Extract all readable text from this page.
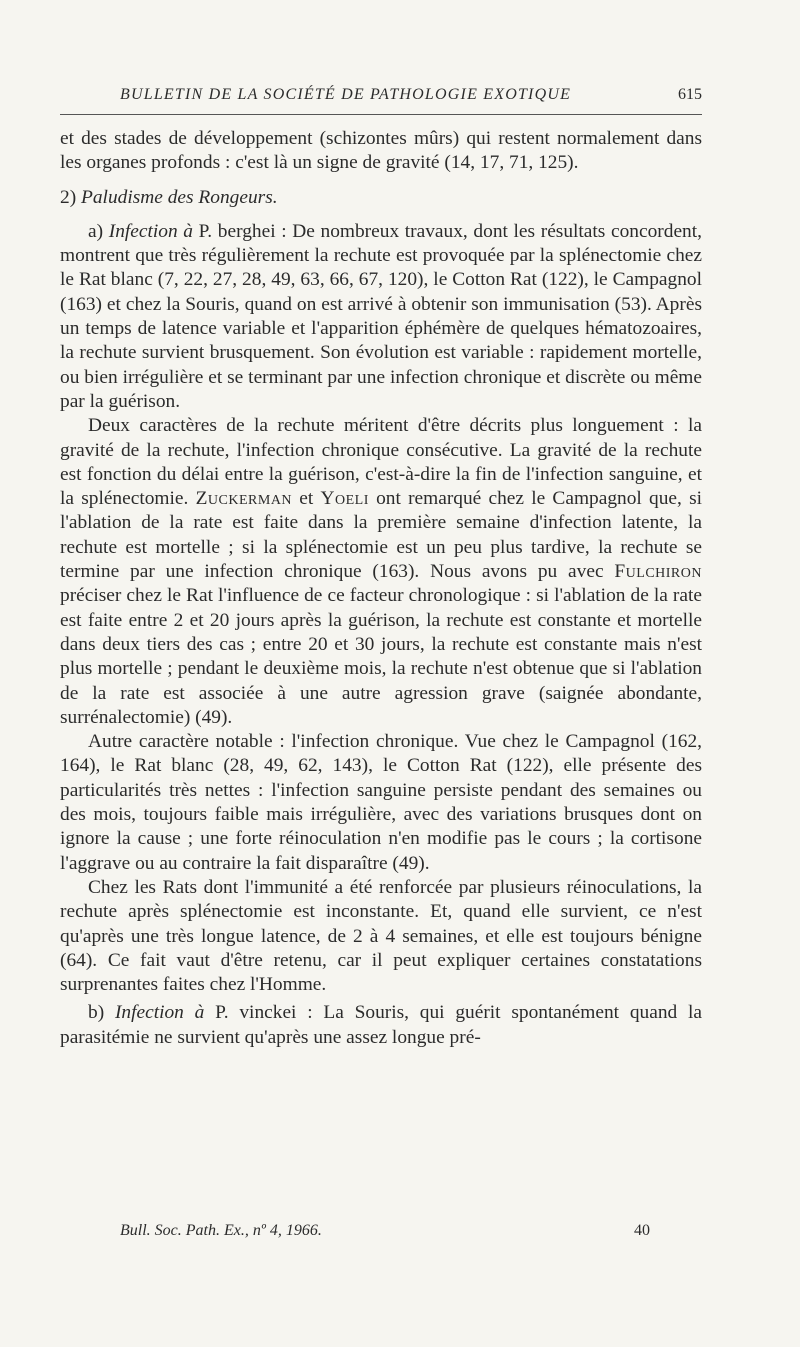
BULLETIN DE LA SOCIÉTÉ DE PATHOLOGIE EXOTIQUE	615

et des stades de développement (schizontes mûrs) qui restent normalement dans les organes profonds : c'est là un signe de gravité (14, 17, 71, 125).

2) Paludisme des Rongeurs.

a) Infection à P. berghei : De nombreux travaux, dont les résultats concordent, montrent que très régulièrement la rechute est provoquée par la splénectomie chez le Rat blanc (7, 22, 27, 28, 49, 63, 66, 67, 120), le Cotton Rat (122), le Campagnol (163) et chez la Souris, quand on est arrivé à obtenir son immunisation (53). Après un temps de latence variable et l'apparition éphémère de quelques hématozoaires, la rechute survient brusquement. Son évolution est variable : rapidement mortelle, ou bien irrégulière et se terminant par une infection chronique et discrète ou même par la guérison.

Deux caractères de la rechute méritent d'être décrits plus longuement : la gravité de la rechute, l'infection chronique consécutive. La gravité de la rechute est fonction du délai entre la guérison, c'est-à-dire la fin de l'infection sanguine, et la splénectomie. Zuckerman et Yoeli ont remarqué chez le Campagnol que, si l'ablation de la rate est faite dans la première semaine d'infection latente, la rechute est mortelle ; si la splénectomie est un peu plus tardive, la rechute se termine par une infection chronique (163). Nous avons pu avec Fulchiron préciser chez le Rat l'influence de ce facteur chronologique : si l'ablation de la rate est faite entre 2 et 20 jours après la guérison, la rechute est constante et mortelle dans deux tiers des cas ; entre 20 et 30 jours, la rechute est constante mais n'est plus mortelle ; pendant le deuxième mois, la rechute n'est obtenue que si l'ablation de la rate est associée à une autre agression grave (saignée abondante, surrénalectomie) (49).

Autre caractère notable : l'infection chronique. Vue chez le Campagnol (162, 164), le Rat blanc (28, 49, 62, 143), le Cotton Rat (122), elle présente des particularités très nettes : l'infection sanguine persiste pendant des semaines ou des mois, toujours faible mais irrégulière, avec des variations brusques dont on ignore la cause ; une forte réinoculation n'en modifie pas le cours ; la cortisone l'aggrave ou au contraire la fait disparaître (49).

Chez les Rats dont l'immunité a été renforcée par plusieurs réinoculations, la rechute après splénectomie est inconstante. Et, quand elle survient, ce n'est qu'après une très longue latence, de 2 à 4 semaines, et elle est toujours bénigne (64). Ce fait vaut d'être retenu, car il peut expliquer certaines constatations surprenantes faites chez l'Homme.

b) Infection à P. vinckei : La Souris, qui guérit spontanément quand la parasitémie ne survient qu'après une assez longue pré-

Bull. Soc. Path. Ex., nº 4, 1966.	40
